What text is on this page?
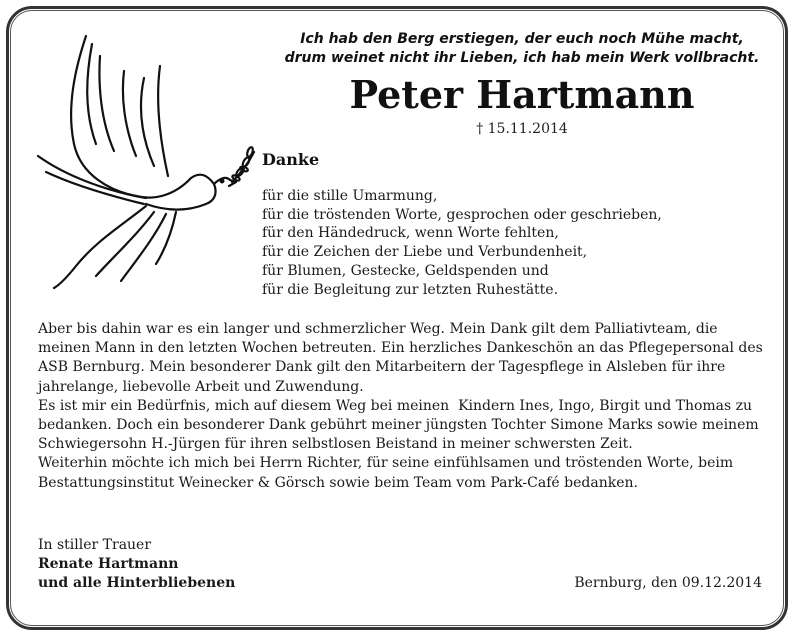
Ich hab den Berg erstiegen, der euch noch Mühe macht,
drum weinet nicht ihr Lieben, ich hab mein Werk vollbracht.
Peter Hartmann
† 15.11.2014
Danke
für die stille Umarmung,
für die tröstenden Worte, gesprochen oder geschrieben,
für den Händedruck, wenn Worte fehlten,
für die Zeichen der Liebe und Verbundenheit,
für Blumen, Gestecke, Geldspenden und
für die Begleitung zur letzten Ruhestätte.

Aber bis dahin war es ein langer und schmerzlicher Weg. Mein Dank gilt dem Palliativteam, die meinen Mann in den letzten Wochen betreuten. Ein herzliches Dankeschön an das Pflegepersonal des ASB Bernburg. Mein besonderer Dank gilt den Mitarbeitern der Tagespflege in Alsleben für ihre jahrelange, liebevolle Arbeit und Zuwendung.

Es ist mir ein Bedürfnis, mich auf diesem Weg bei meinen  Kindern Ines, Ingo, Birgit und Thomas zu bedanken. Doch ein besonderer Dank gebührt meiner jüngsten Tochter Simone Marks sowie meinem Schwiegersohn H.-Jürgen für ihren selbstlosen Beistand in meiner schwersten Zeit.

Weiterhin möchte ich mich bei Herrn Richter, für seine einfühlsamen und tröstenden Worte, beim Bestattungsinstitut Weinecker & Görsch sowie beim Team vom Park-Café bedanken.

In stiller Trauer
Renate Hartmann
und alle Hinterbliebenen	Bernburg, den 09.12.2014
